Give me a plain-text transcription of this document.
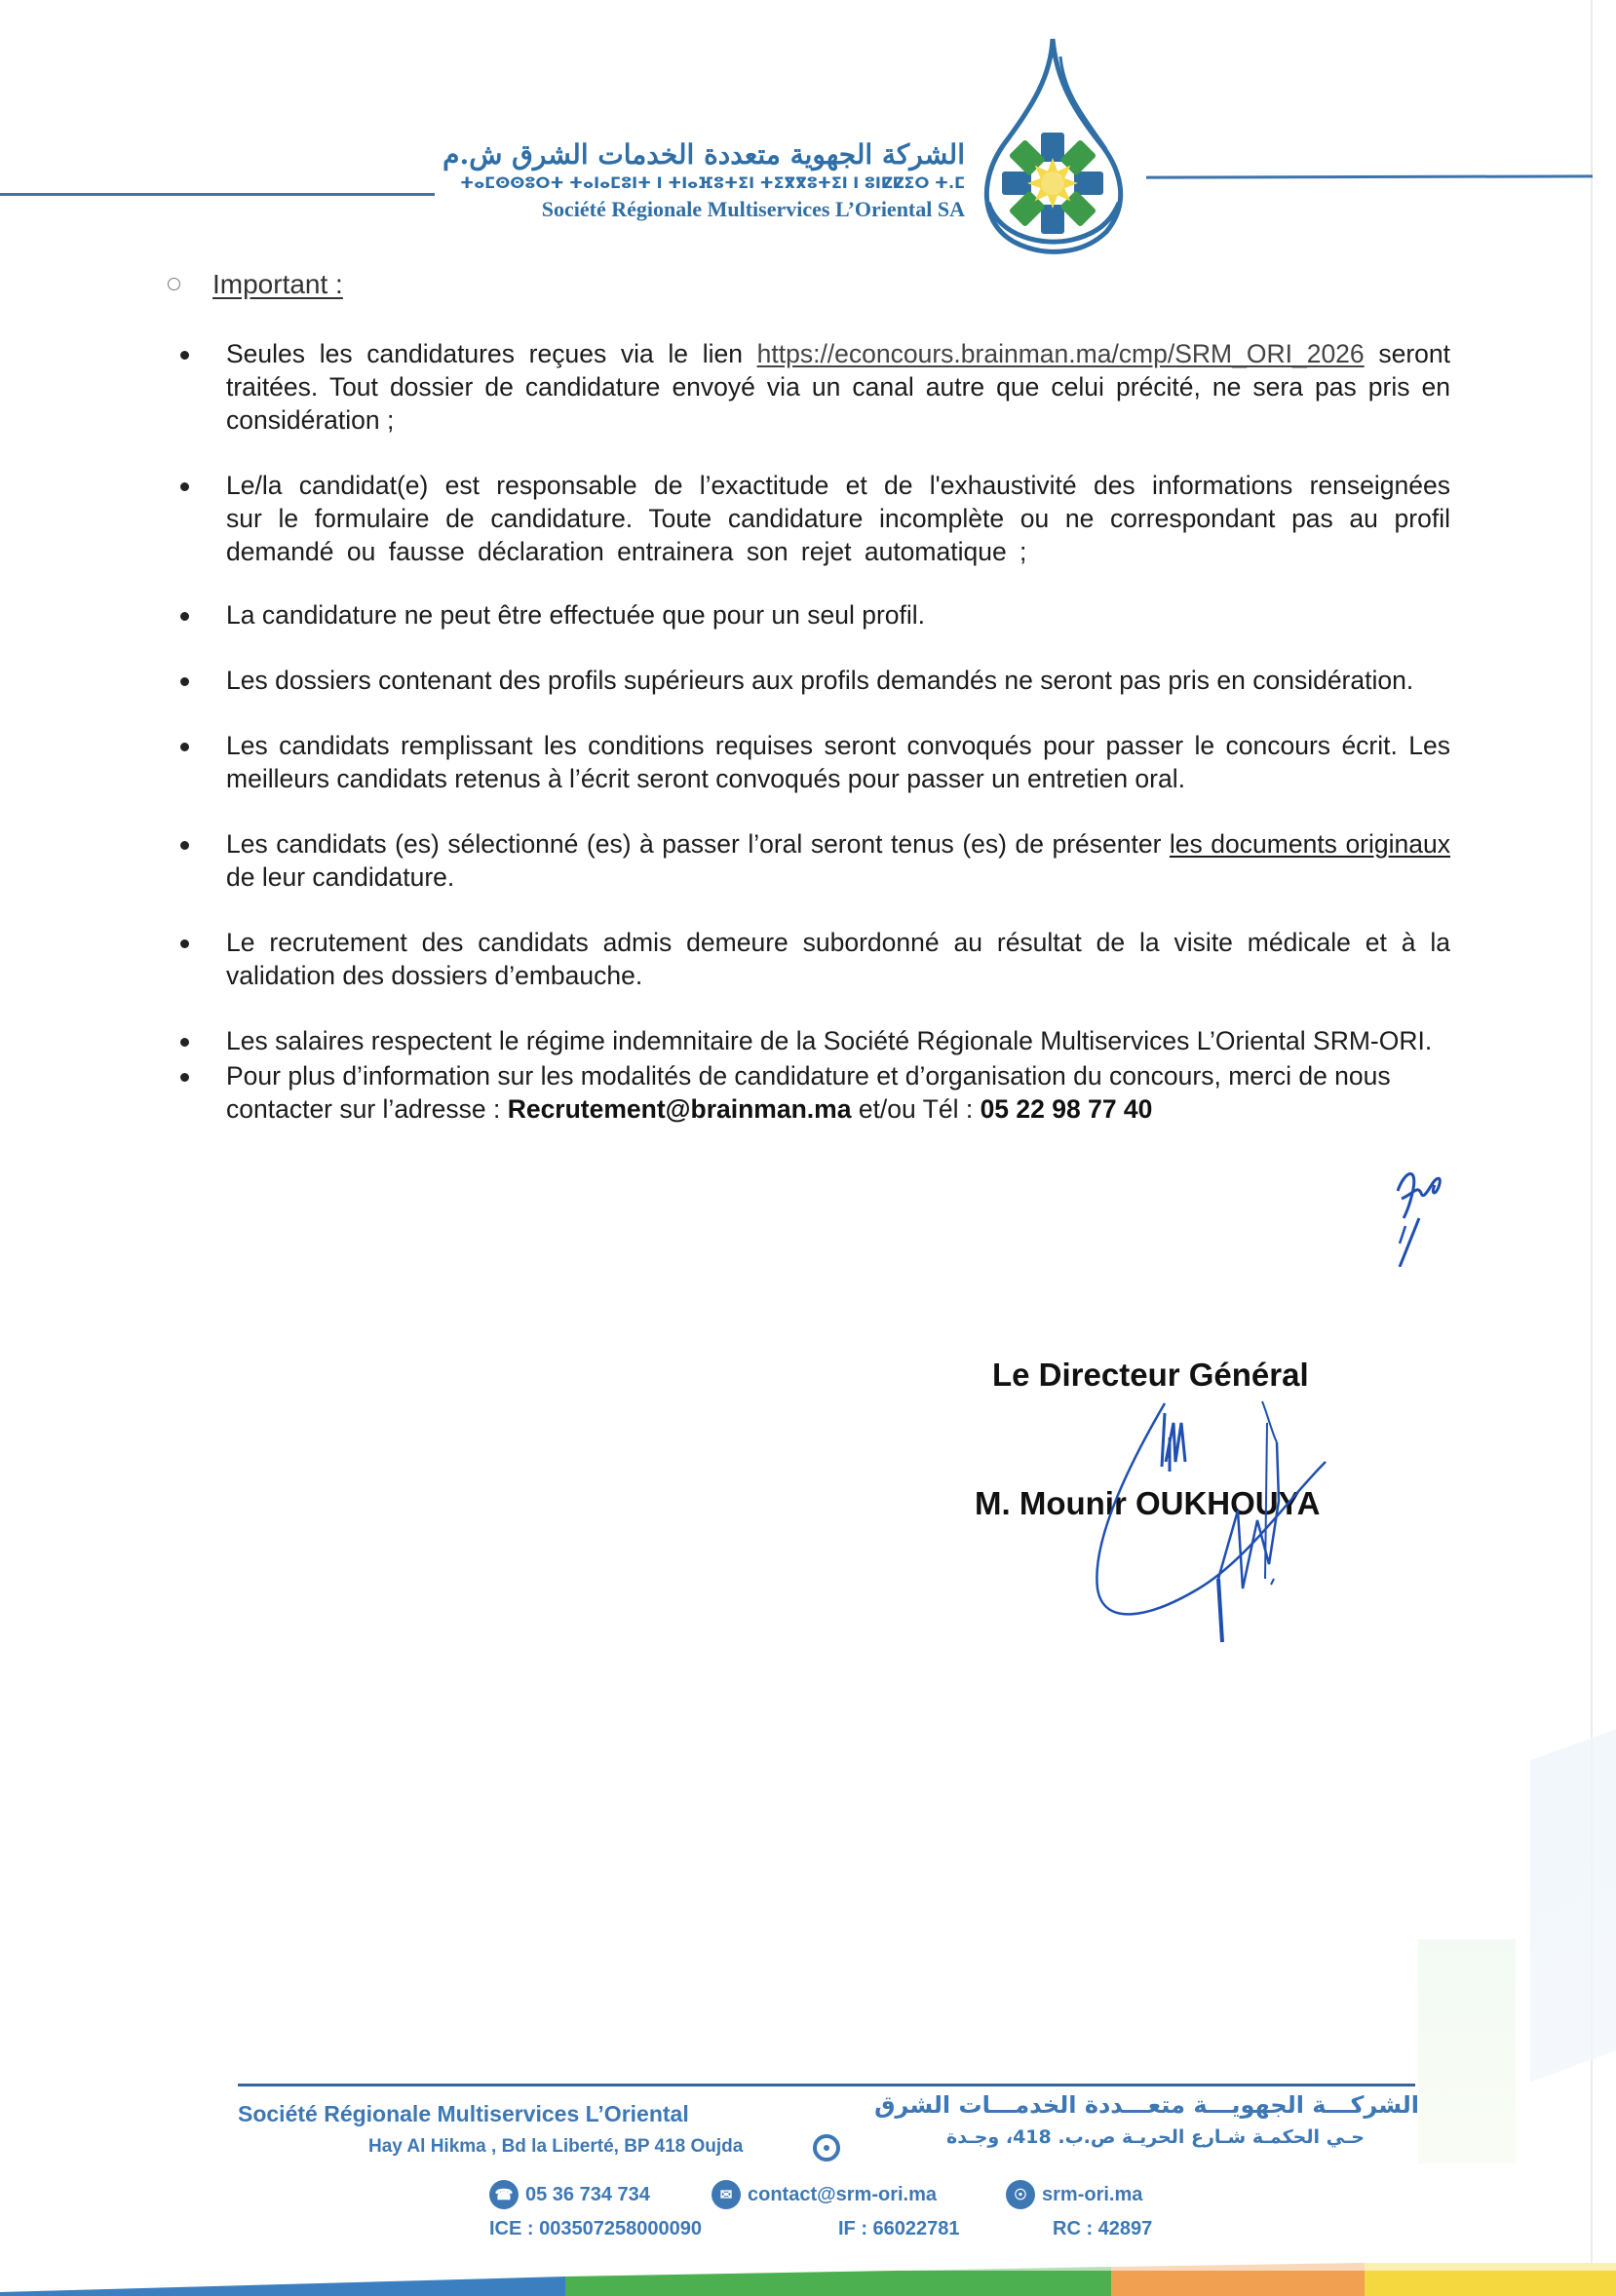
الشركة الجهوية متعددة الخدمات الشرق ش.م
ⵜⴰⵎⵙⵙⵓⵔⵜ ⵜⴰⵏⴰⵎⵓⵏⵜ ⵏ ⵜⵏⴰⴼⵓⵜⵉⵏ ⵜⵉⴳⴳⵓⵜⵉⵏ ⵏ ⵓⵏⵇⵇⵉⵔ ⵜ.ⵎ
Société Régionale Multiservices L’Oriental SA
Important :
Seules les candidatures reçues via le lien https://econcours.brainman.ma/cmp/SRM_ORI_2026 seront traitées. Tout dossier de candidature envoyé via un canal autre que celui précité, ne sera pas pris en considération ;
Le/la candidat(e) est responsable de l’exactitude et de l'exhaustivité des informations renseignées sur le formulaire de candidature. Toute candidature incomplète ou ne correspondant pas au profil demandé ou fausse déclaration entrainera son rejet automatique ;
La candidature ne peut être effectuée que pour un seul profil.
Les dossiers contenant des profils supérieurs aux profils demandés ne seront pas pris en considération.
Les candidats remplissant les conditions requises seront convoqués pour passer le concours écrit. Les meilleurs candidats retenus à l’écrit seront convoqués pour passer un entretien oral.
Les candidats (es) sélectionné (es) à passer l’oral seront tenus (es) de présenter les documents originaux de leur candidature.
Le recrutement des candidats admis demeure subordonné au résultat de la visite médicale et à la validation des dossiers d’embauche.
Les salaires respectent le régime indemnitaire de la Société Régionale Multiservices L’Oriental SRM-ORI.
Pour plus d’information sur les modalités de candidature et d’organisation du concours, merci de nous contacter sur l’adresse : Recrutement@brainman.ma et/ou Tél : 05 22 98 77 40
Le Directeur Général
M. Mounir OUKHOUYA
Société Régionale Multiservices L’Oriental
Hay Al Hikma , Bd la Liberté, BP 418 Oujda
الشركـــة الجهويـــة متعـــددة الخدمـــات الشرق
حـي الحكمـة شـارع الحريـة ص.ب. 418، وجـدة
☎ 05 36 734 734	✉ contact@srm-ori.ma	☉ srm-ori.ma
ICE : 003507258000090	IF : 66022781	RC : 42897
